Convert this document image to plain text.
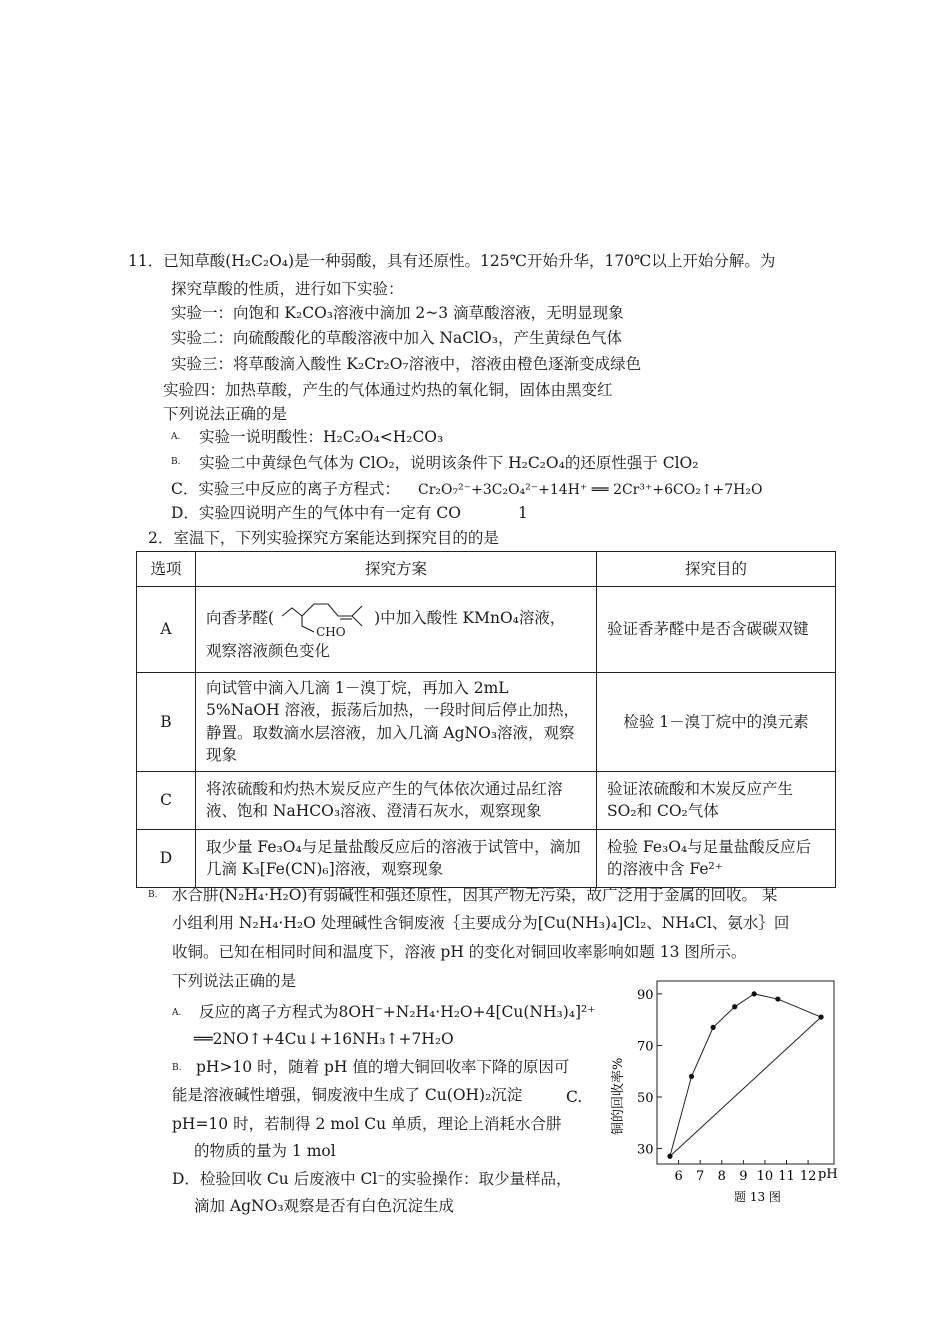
11．已知草酸(H₂C₂O₄)是一种弱酸，具有还原性。125℃开始升华，170℃以上开始分解。为
探究草酸的性质，进行如下实验：
实验一：向饱和 K₂CO₃溶液中滴加 2~3 滴草酸溶液，无明显现象
实验二：向硫酸酸化的草酸溶液中加入 NaClO₃，产生黄绿色气体
实验三：将草酸滴入酸性 K₂Cr₂O₇溶液中，溶液由橙色逐渐变成绿色
实验四：加热草酸，产生的气体通过灼热的氧化铜，固体由黑变红
下列说法正确的是
A. 实验一说明酸性：H₂C₂O₄<H₂CO₃
B. 实验二中黄绿色气体为 ClO₂，说明该条件下 H₂C₂O₄的还原性强于 ClO₂
C．实验三中反应的离子方程式： Cr₂O₇²⁻+3C₂O₄²⁻+14H⁺ ══ 2Cr³⁺+6CO₂↑+7H₂O
D．实验四说明产生的气体中有一定有 CO	1
2．室温下，下列实验探究方案能达到探究目的的是
选项	探究方案	探究目的
A	向香茅醛(
CHO
)中加入酸性 KMnO₄溶液，
观察溶液颜色变化	验证香茅醛中是否含碳碳双键
B	向试管中滴入几滴 1－溴丁烷，再加入 2mL 5%NaOH 溶液，振荡后加热，一段时间后停止加热，静置。取数滴水层溶液，加入几滴 AgNO₃溶液，观察现象	检验 1－溴丁烷中的溴元素
C	将浓硫酸和灼热木炭反应产生的气体依次通过品红溶液、饱和 NaHCO₃溶液、澄清石灰水，观察现象	验证浓硫酸和木炭反应产生 SO₂和 CO₂气体
D	取少量 Fe₃O₄与足量盐酸反应后的溶液于试管中，滴加几滴 K₃[Fe(CN)₆]溶液，观察现象	检验 Fe₃O₄与足量盐酸反应后的溶液中含 Fe²⁺
B. 水合肼(N₂H₄·H₂O)有弱碱性和强还原性，因其产物无污染，故广泛用于金属的回收。 某
小组利用 N₂H₄·H₂O 处理碱性含铜废液｛主要成分为[Cu(NH₃)₄]Cl₂、NH₄Cl、氨水｝回
收铜。已知在相同时间和温度下，溶液 pH 的变化对铜回收率影响如题 13 图所示。
下列说法正确的是
A. 反应的离子方程式为8OH⁻+N₂H₄·H₂O+4[Cu(NH₃)₄]²⁺
══2NO↑+4Cu↓+16NH₃↑+7H₂O
B. pH>10 时，随着 pH 值的增大铜回收率下降的原因可
能是溶液碱性增强，铜废液中生成了 Cu(OH)₂沉淀	C.
pH=10 时，若制得 2 mol Cu 单质，理论上消耗水合肼
的物质的量为 1 mol
D．检验回收 Cu 后废液中 Cl⁻的实验操作：取少量样品，
滴加 AgNO₃观察是否有白色沉淀生成
30
50
70
90
6 7 8 9 10 11 12
铜的回收率%
pH
题 13 图
